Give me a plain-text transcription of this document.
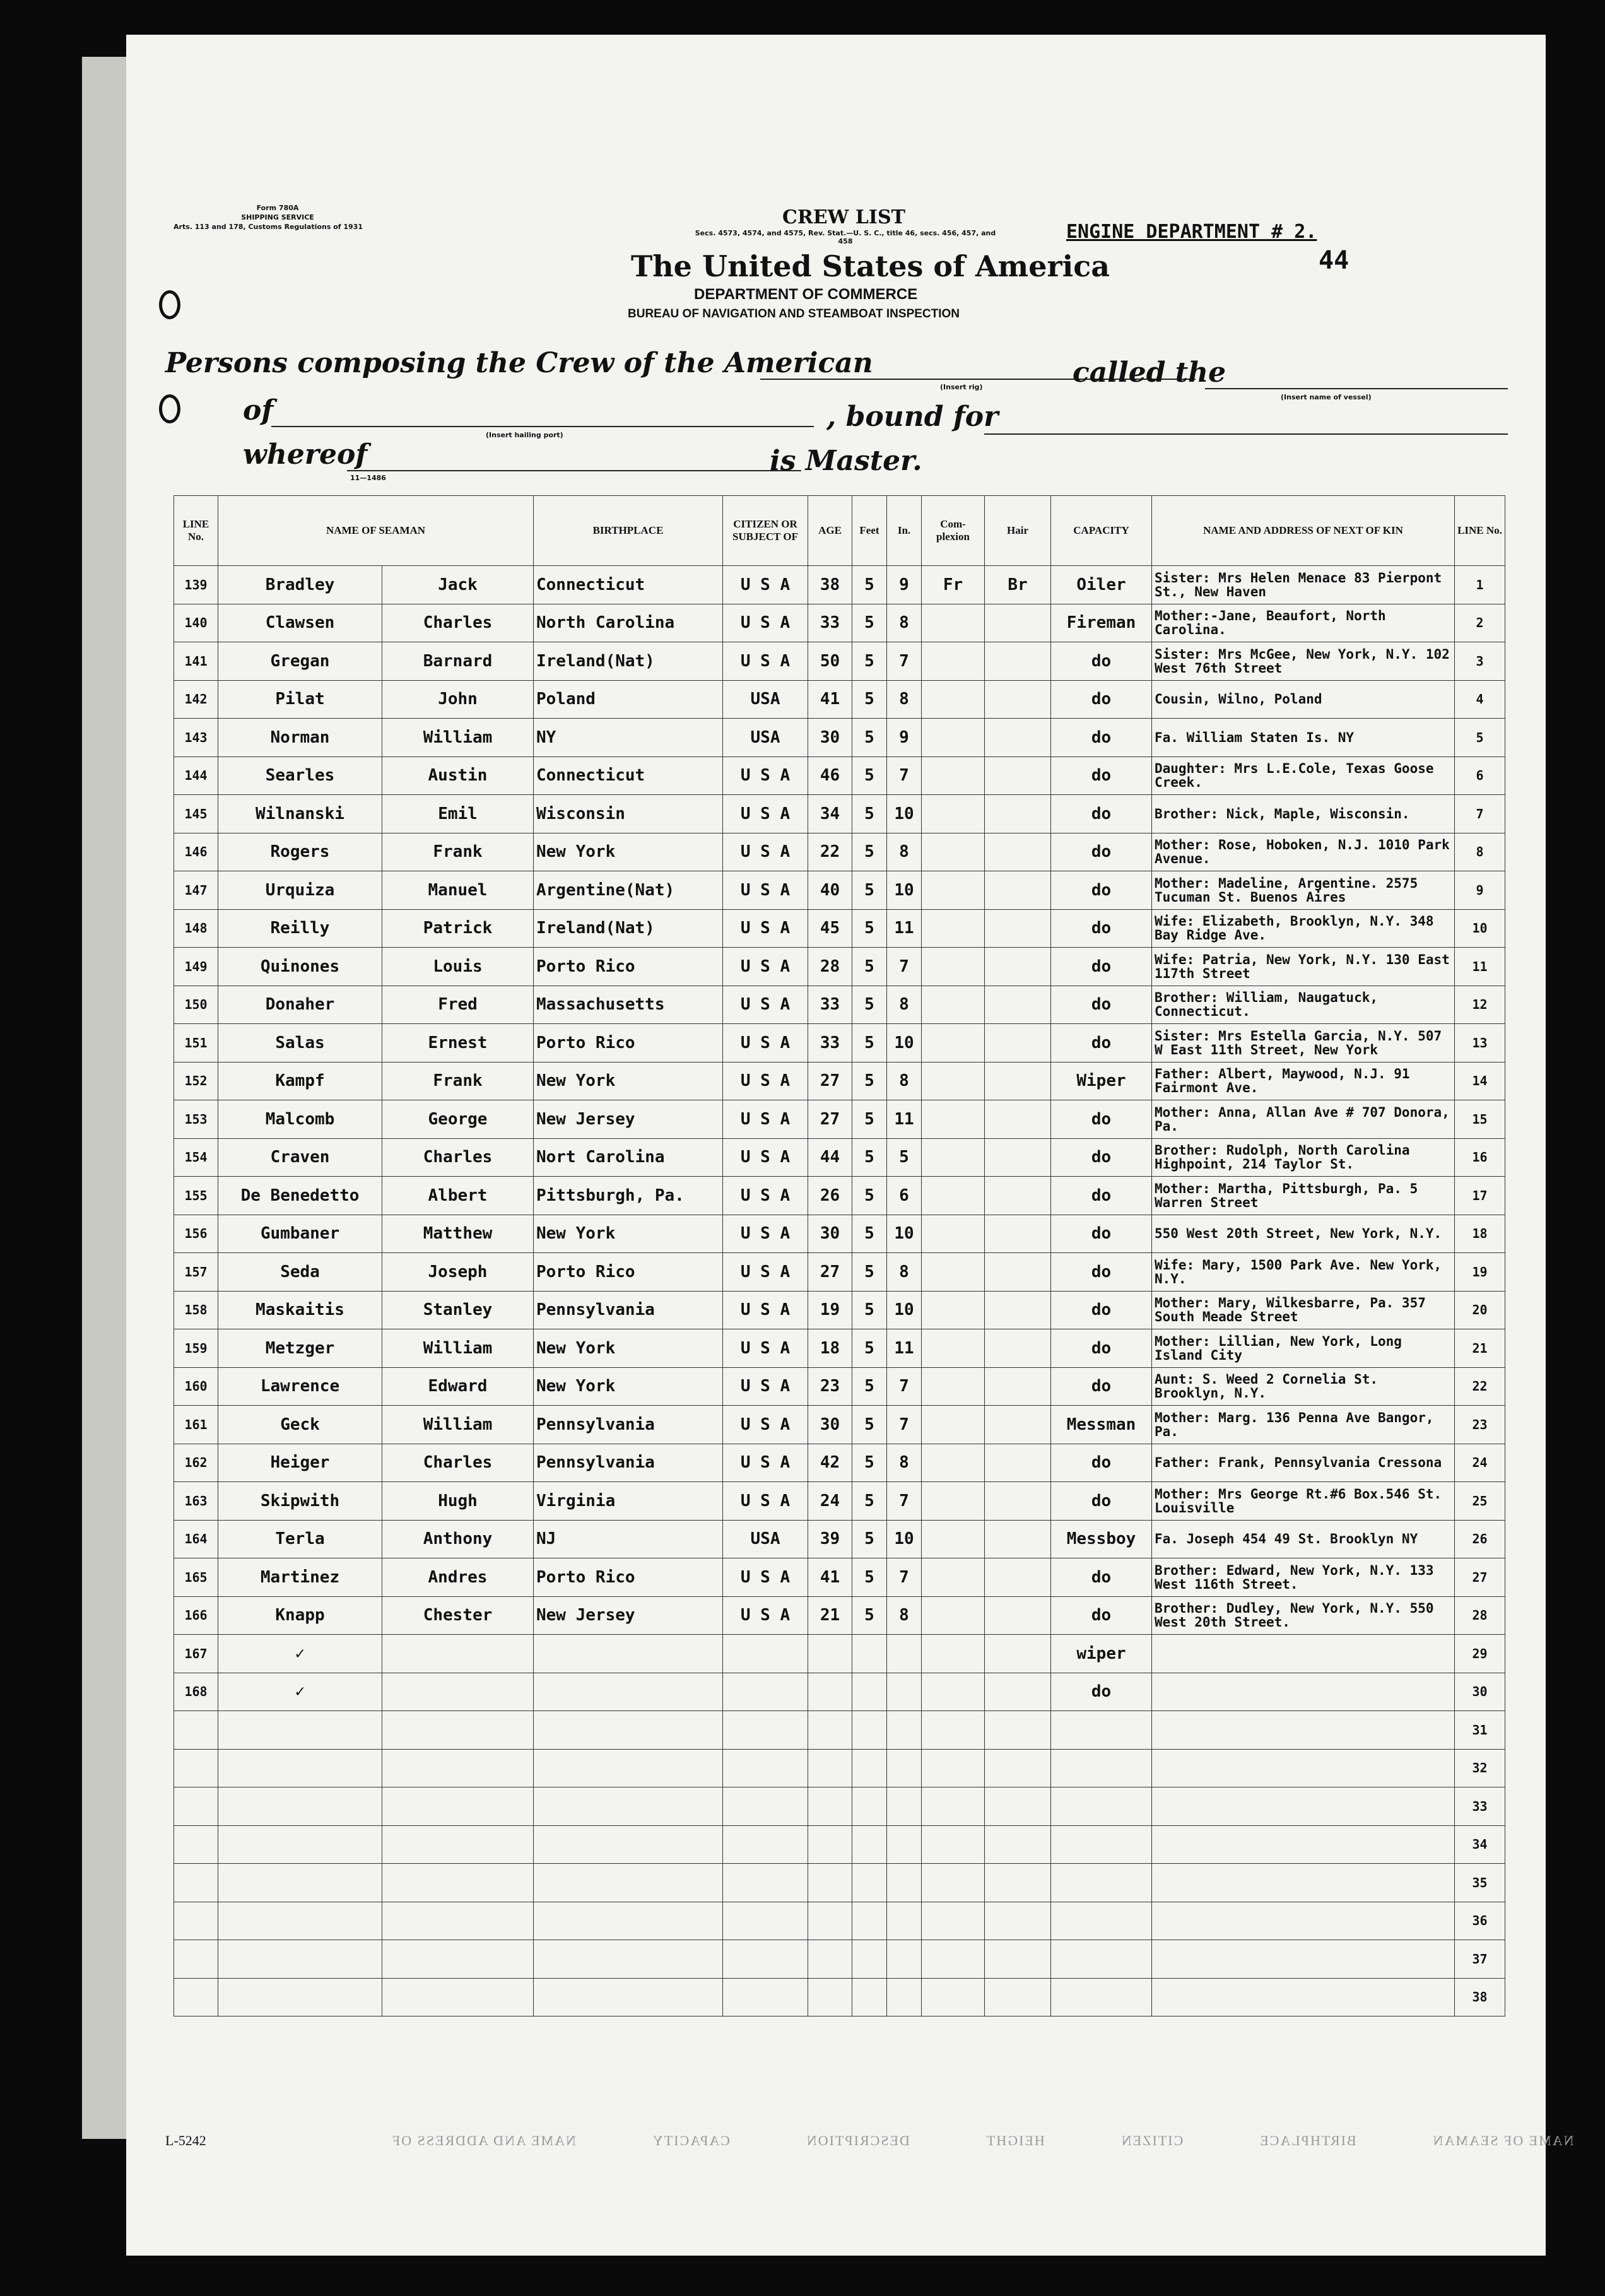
Form 780A
SHIPPING SERVICE
Arts. 113 and 178, Customs Regulations of 1931	CREW LIST
Secs. 4573, 4574, and 4575, Rev. Stat.—U. S. C., title 46, secs. 456, 457, and 458	ENGINE DEPARTMENT # 2.
44
The United States of America
DEPARTMENT OF COMMERCE
BUREAU OF NAVIGATION AND STEAMBOAT INSPECTION
Persons composing the Crew of the American
(Insert rig)	called the
(Insert name of vessel)
of
(Insert hailing port)
, bound for
whereof
11—1486
is Master.
LINE No.	NAME OF SEAMAN		BIRTHPLACE	CITIZEN OR SUBJECT OF	AGE	Feet	In.	Com-plexion	Hair	CAPACITY	NAME AND ADDRESS OF NEXT OF KIN	LINE No.
139	Bradley	Jack	Connecticut	U S A	38	5	9	Fr	Br	Oiler	Sister: Mrs Helen Menace 83 Pierpont St., New Haven	1
140	Clawsen	Charles	North Carolina	U S A	33	5	8			Fireman	Mother:-Jane, Beaufort, North Carolina.	2
141	Gregan	Barnard	Ireland(Nat)	U S A	50	5	7			do	Sister: Mrs McGee, New York, N.Y. 102 West 76th Street	3
142	Pilat	John	Poland	USA	41	5	8			do	Cousin, Wilno, Poland	4
143	Norman	William	NY	USA	30	5	9			do	Fa. William Staten Is. NY	5
144	Searles	Austin	Connecticut	U S A	46	5	7			do	Daughter: Mrs L.E.Cole, Texas Goose Creek.	6
145	Wilnanski	Emil	Wisconsin	U S A	34	5	10			do	Brother: Nick, Maple, Wisconsin.	7
146	Rogers	Frank	New York	U S A	22	5	8			do	Mother: Rose, Hoboken, N.J. 1010 Park Avenue.	8
147	Urquiza	Manuel	Argentine(Nat)	U S A	40	5	10			do	Mother: Madeline, Argentine. 2575 Tucuman St. Buenos Aires	9
148	Reilly	Patrick	Ireland(Nat)	U S A	45	5	11			do	Wife: Elizabeth, Brooklyn, N.Y. 348 Bay Ridge Ave.	10
149	Quinones	Louis	Porto Rico	U S A	28	5	7			do	Wife: Patria, New York, N.Y. 130 East 117th Street	11
150	Donaher	Fred	Massachusetts	U S A	33	5	8			do	Brother: William, Naugatuck, Connecticut.	12
151	Salas	Ernest	Porto Rico	U S A	33	5	10			do	Sister: Mrs Estella Garcia, N.Y. 507 W East 11th Street, New York	13
152	Kampf	Frank	New York	U S A	27	5	8			Wiper	Father: Albert, Maywood, N.J. 91 Fairmont Ave.	14
153	Malcomb	George	New Jersey	U S A	27	5	11			do	Mother: Anna, Allan Ave # 707 Donora, Pa.	15
154	Craven	Charles	Nort Carolina	U S A	44	5	5			do	Brother: Rudolph, North Carolina Highpoint, 214 Taylor St.	16
155	De Benedetto	Albert	Pittsburgh, Pa.	U S A	26	5	6			do	Mother: Martha, Pittsburgh, Pa. 5 Warren Street	17
156	Gumbaner	Matthew	New York	U S A	30	5	10			do	550 West 20th Street, New York, N.Y.	18
157	Seda	Joseph	Porto Rico	U S A	27	5	8			do	Wife: Mary, 1500 Park Ave. New York, N.Y.	19
158	Maskaitis	Stanley	Pennsylvania	U S A	19	5	10			do	Mother: Mary, Wilkesbarre, Pa. 357 South Meade Street	20
159	Metzger	William	New York	U S A	18	5	11			do	Mother: Lillian, New York, Long Island City	21
160	Lawrence	Edward	New York	U S A	23	5	7			do	Aunt: S. Weed 2 Cornelia St. Brooklyn, N.Y.	22
161	Geck	William	Pennsylvania	U S A	30	5	7			Messman	Mother: Marg. 136 Penna Ave Bangor, Pa.	23
162	Heiger	Charles	Pennsylvania	U S A	42	5	8			do	Father: Frank, Pennsylvania Cressona	24
163	Skipwith	Hugh	Virginia	U S A	24	5	7			do	Mother: Mrs George Rt.#6 Box.546 St. Louisville	25
164	Terla	Anthony	NJ	USA	39	5	10			Messboy	Fa. Joseph 454 49 St. Brooklyn NY	26
165	Martinez	Andres	Porto Rico	U S A	41	5	7			do	Brother: Edward, New York, N.Y. 133 West 116th Street.	27
166	Knapp	Chester	New Jersey	U S A	21	5	8			do	Brother: Dudley, New York, N.Y. 550 West 20th Street.	28
167	✓									wiper		29
168	✓									do		30
												31
												32
												33
												34
												35
												36
												37
												38
L-5242	NAME OF SEAMANBIRTHPLACECITIZENHEIGHTDESCRIPTIONCAPACITYNAME AND ADDRESS OF
